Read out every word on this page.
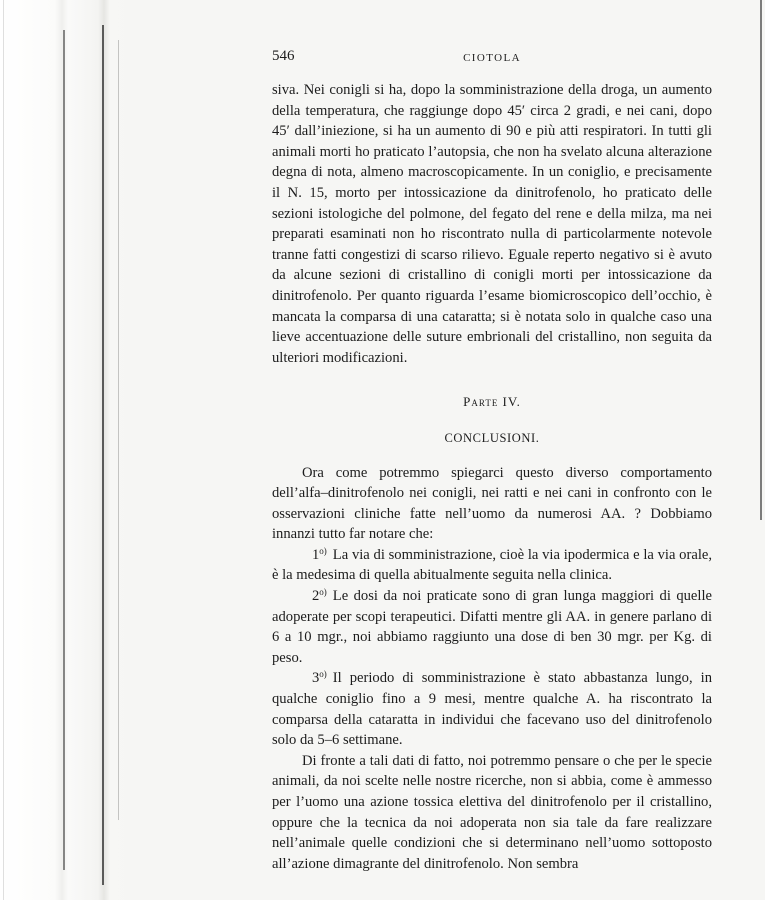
546	CIOTOLA

siva. Nei conigli si ha, dopo la somministrazione della droga, un aumento della temperatura, che raggiunge dopo 45′ circa 2 gradi, e nei cani, dopo 45′ dall’iniezione, si ha un aumento di 90 e più atti respiratori. In tutti gli animali morti ho praticato l’autopsia, che non ha svelato alcuna alterazione degna di nota, almeno macroscopicamente. In un coniglio, e precisamente il N. 15, morto per intossicazione da dinitrofenolo, ho praticato delle sezioni istologiche del polmone, del fegato del rene e della milza, ma nei preparati esaminati non ho riscontrato nulla di particolarmente notevole tranne fatti congestizi di scarso rilievo. Eguale reperto negativo si è avuto da alcune sezioni di cristallino di conigli morti per intossicazione da dinitrofenolo. Per quanto riguarda l’esame biomicroscopico dell’occhio, è mancata la comparsa di una cataratta; si è notata solo in qualche caso una lieve accentuazione delle suture embrionali del cristallino, non seguita da ulteriori modificazioni.

Parte IV.
CONCLUSIONI.

Ora come potremmo spiegarci questo diverso comportamento dell’alfa–dinitrofenolo nei conigli, nei ratti e nei cani in confronto con le osservazioni cliniche fatte nell’uomo da numerosi AA. ? Dobbiamo innanzi tutto far notare che:

1$^{o)}$ La via di somministrazione, cioè la via ipodermica e la via orale, è la medesima di quella abitualmente seguita nella clinica.

2$^{o)}$ Le dosi da noi praticate sono di gran lunga maggiori di quelle adoperate per scopi terapeutici. Difatti mentre gli AA. in genere parlano di 6 a 10 mgr., noi abbiamo raggiunto una dose di ben 30 mgr. per Kg. di peso.

3$^{o)}$ Il periodo di somministrazione è stato abbastanza lungo, in qualche coniglio fino a 9 mesi, mentre qualche A. ha riscontrato la comparsa della cataratta in individui che facevano uso del dinitrofenolo solo da 5–6 settimane.

Di fronte a tali dati di fatto, noi potremmo pensare o che per le specie animali, da noi scelte nelle nostre ricerche, non si abbia, come è ammesso per l’uomo una azione tossica elettiva del dinitrofenolo per il cristallino, oppure che la tecnica da noi adoperata non sia tale da fare realizzare nell’animale quelle condizioni che si determinano nell’uomo sottoposto all’azione dimagrante del dinitrofenolo. Non sembra
